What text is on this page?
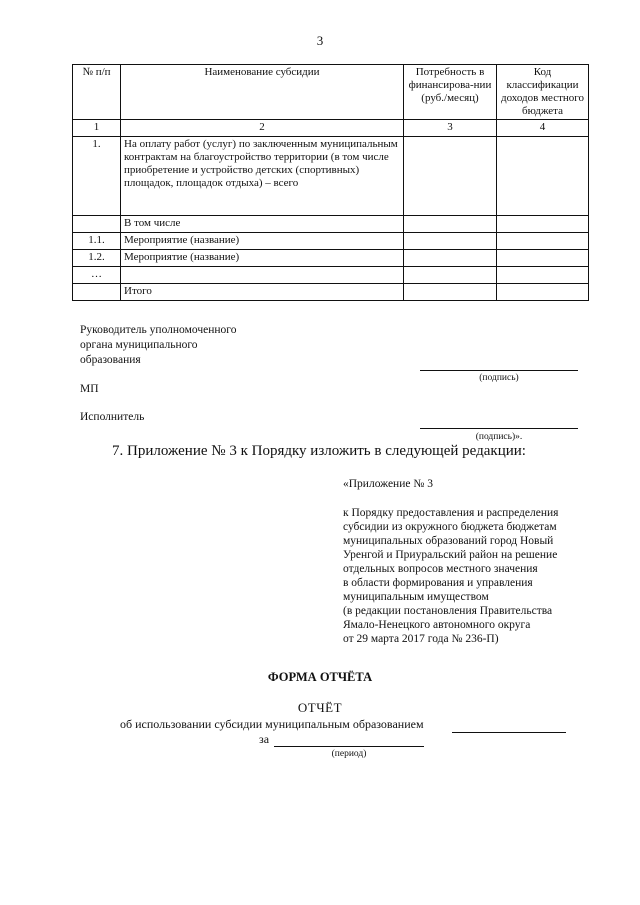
3
№ п/п	Наименование субсидии	Потребность в финансирова-нии (руб./месяц)	Код классификации доходов местного бюджета
1	2	3	4
1.	На оплату работ (услуг) по заключенным муниципальным контрактам на благоустройство территории (в том числе приобретение и устройство детских (спортивных) площадок, площадок отдыха) – всего		
	В том числе		
1.1.	Мероприятие (название)		
1.2.	Мероприятие (название)		
…			
	Итого		
Руководитель уполномоченного
органа муниципального
образования
(подпись)
МП
Исполнитель
(подпись)».
7. Приложение № 3 к Порядку изложить в следующей редакции:
«Приложение № 3
к Порядку предоставления и распределения
субсидии из окружного бюджета бюджетам
муниципальных образований город Новый
Уренгой и Приуральский район на решение
отдельных вопросов местного значения
в области формирования и управления
муниципальным имуществом
(в редакции постановления Правительства
Ямало-Ненецкого автономного округа
от 29 марта 2017 года № 236-П)
ФОРМА ОТЧЁТА
ОТЧЁТ
об использовании субсидии муниципальным образованием
за
(период)
